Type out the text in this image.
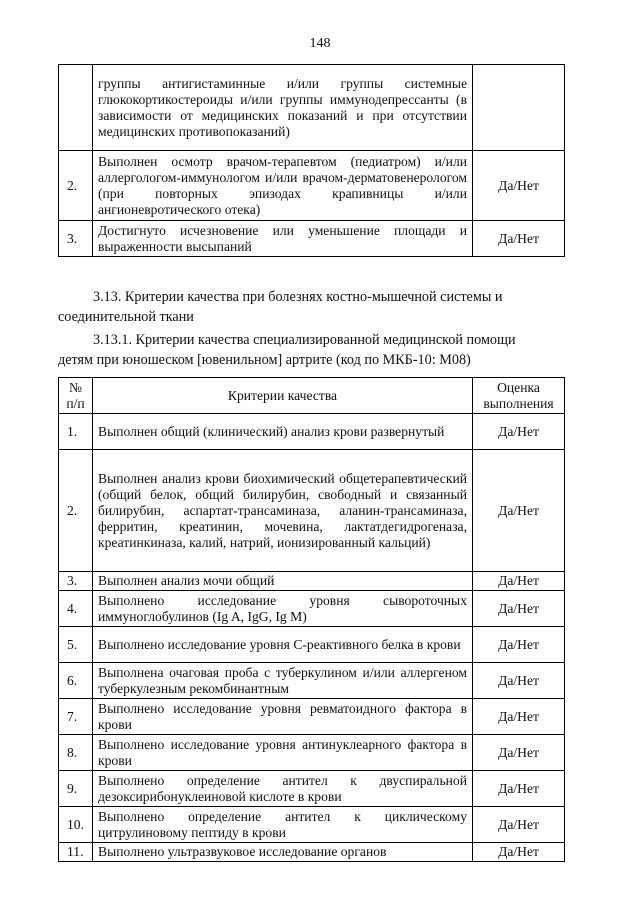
148
	группы антигистаминные и/или группы системные глюкокортикостероиды и/или группы иммунодепрессанты (в зависимости от медицинских показаний и при отсутствии медицинских противопоказаний)	
2.	Выполнен осмотр врачом-терапевтом (педиатром) и/или аллергологом-иммунологом и/или врачом-дерматовенерологом (при повторных эпизодах крапивницы и/или ангионевротического отека)	Да/Нет
3.	Достигнуто исчезновение или уменьшение площади и выраженности высыпаний	Да/Нет
3.13. Критерии качества при болезнях костно-мышечной системы и
соединительной ткани
3.13.1. Критерии качества специализированной медицинской помощи
детям при юношеском [ювенильном] артрите (код по МКБ-10: М08)
№ п/п	Критерии качества	Оценка выполнения
1.	Выполнен общий (клинический) анализ крови развернутый	Да/Нет
2.	Выполнен анализ крови биохимический общетерапевтический (общий белок, общий билирубин, свободный и связанный билирубин, аспартат-трансаминаза, аланин-трансаминаза, ферритин, креатинин, мочевина, лактатдегидрогеназа, креатинкиназа, калий, натрий, ионизированный кальций)	Да/Нет
3.	Выполнен анализ мочи общий	Да/Нет
4.	Выполнено исследование уровня сывороточных иммуноглобулинов (Ig A, IgG, Ig M)	Да/Нет
5.	Выполнено исследование уровня С-реактивного белка в крови	Да/Нет
6.	Выполнена очаговая проба с туберкулином и/или аллергеном туберкулезным рекомбинантным	Да/Нет
7.	Выполнено исследование уровня ревматоидного фактора в крови	Да/Нет
8.	Выполнено исследование уровня антинуклеарного фактора в крови	Да/Нет
9.	Выполнено определение антител к двуспиральной дезоксирибонуклеиновой кислоте в крови	Да/Нет
10.	Выполнено определение антител к циклическому цитрулиновому пептиду в крови	Да/Нет
11.	Выполнено ультразвуковое исследование органов	Да/Нет
